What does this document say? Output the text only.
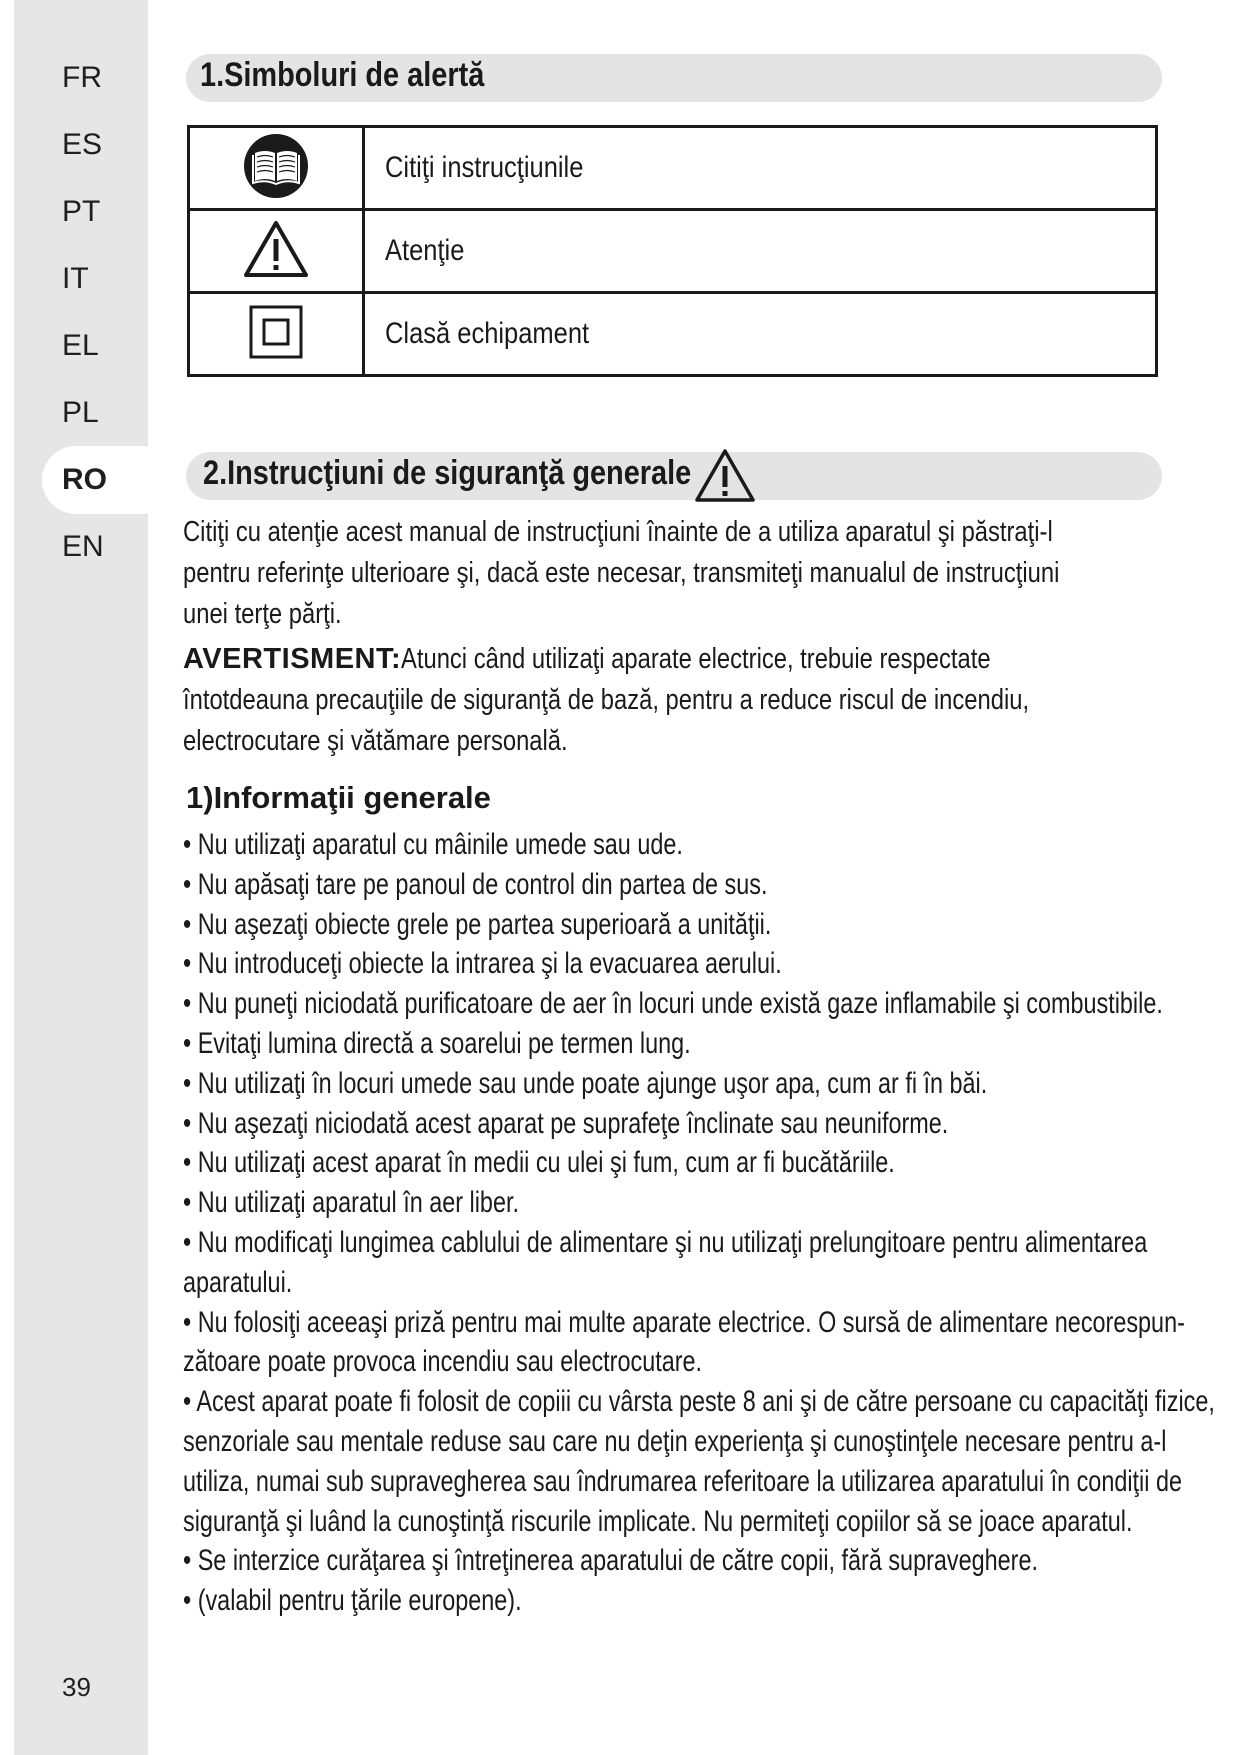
FR
ES
PT
IT
EL
PL
RO
EN
39
1.Simboluri de alertă
	Citiţi instrucţiunile
	Atenţie
	Clasă echipament
2.Instrucţiuni de siguranţă generale
Citiţi cu atenţie acest manual de instrucţiuni înainte de a utiliza aparatul şi păstraţi-l
pentru referinţe ulterioare şi, dacă este necesar, transmiteţi manualul de instrucţiuni
unei terţe părţi.
AVERTISMENT:Atunci când utilizaţi aparate electrice, trebuie respectate
întotdeauna precauţiile de siguranţă de bază, pentru a reduce riscul de incendiu,
electrocutare şi vătămare personală.
1)Informaţii generale
• Nu utilizaţi aparatul cu mâinile umede sau ude.
• Nu apăsaţi tare pe panoul de control din partea de sus.
• Nu aşezaţi obiecte grele pe partea superioară a unităţii.
• Nu introduceţi obiecte la intrarea şi la evacuarea aerului.
• Nu puneţi niciodată purificatoare de aer în locuri unde există gaze inflamabile şi combustibile.
• Evitaţi lumina directă a soarelui pe termen lung.
• Nu utilizaţi în locuri umede sau unde poate ajunge uşor apa, cum ar fi în băi.
• Nu aşezaţi niciodată acest aparat pe suprafeţe înclinate sau neuniforme.
• Nu utilizaţi acest aparat în medii cu ulei şi fum, cum ar fi bucătăriile.
• Nu utilizaţi aparatul în aer liber.
• Nu modificaţi lungimea cablului de alimentare şi nu utilizaţi prelungitoare pentru alimentarea
aparatului.
• Nu folosiţi aceeaşi priză pentru mai multe aparate electrice. O sursă de alimentare necorespun-
zătoare poate provoca incendiu sau electrocutare.
• Acest aparat poate fi folosit de copiii cu vârsta peste 8 ani şi de către persoane cu capacităţi fizice,
senzoriale sau mentale reduse sau care nu deţin experienţa şi cunoştinţele necesare pentru a-l
utiliza, numai sub supravegherea sau îndrumarea referitoare la utilizarea aparatului în condiţii de
siguranţă şi luând la cunoştinţă riscurile implicate. Nu permiteţi copiilor să se joace aparatul.
• Se interzice curăţarea şi întreţinerea aparatului de către copii, fără supraveghere.
• (valabil pentru ţările europene).
